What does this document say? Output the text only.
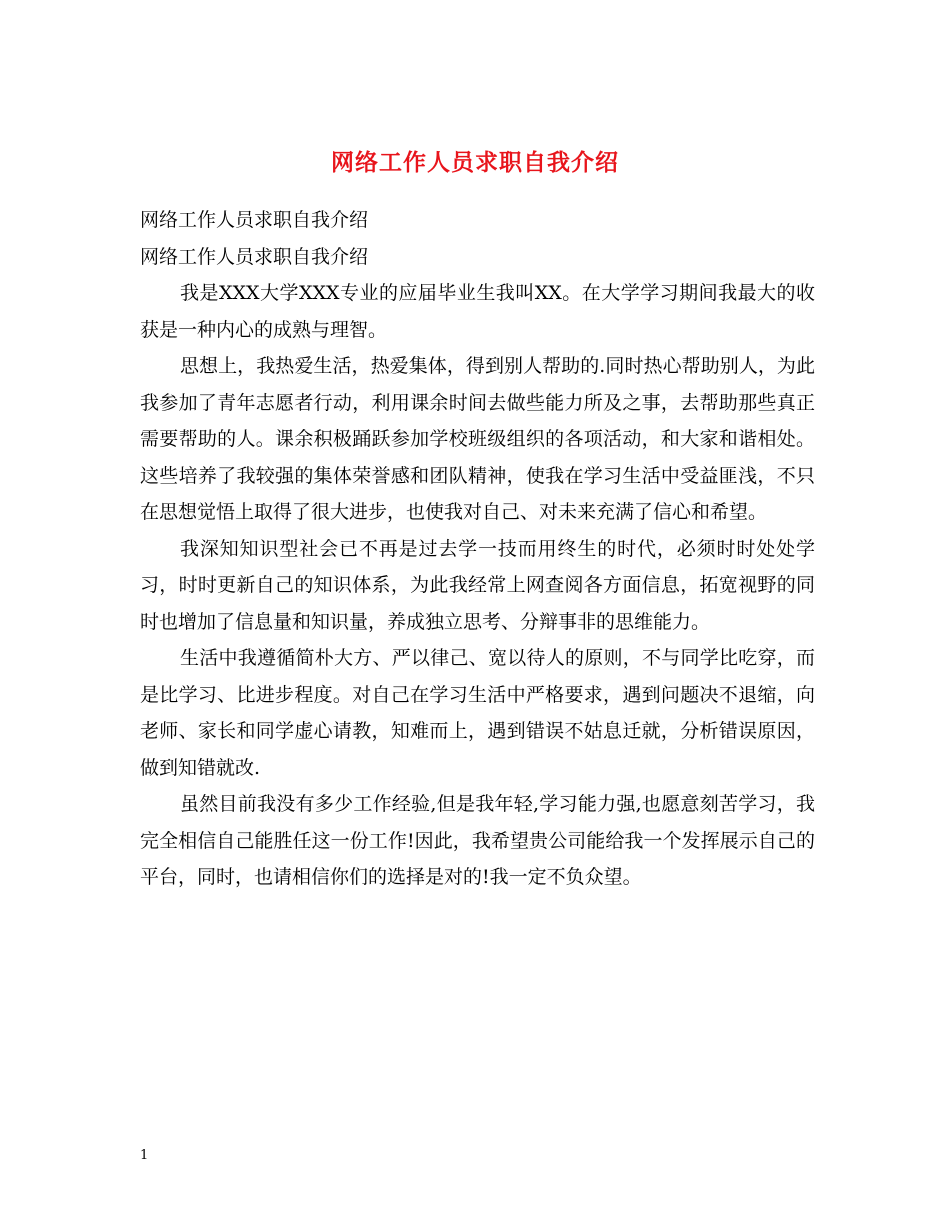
网络工作人员求职自我介绍

网络工作人员求职自我介绍

网络工作人员求职自我介绍

我是XXX大学XXX专业的应届毕业生我叫XX。在大学学习期间我最大的收获是一种内心的成熟与理智。

思想上，我热爱生活，热爱集体，得到别人帮助的.同时热心帮助别人，为此我参加了青年志愿者行动，利用课余时间去做些能力所及之事，去帮助那些真正需要帮助的人。课余积极踊跃参加学校班级组织的各项活动，和大家和谐相处。这些培养了我较强的集体荣誉感和团队精神，使我在学习生活中受益匪浅，不只在思想觉悟上取得了很大进步，也使我对自己、对未来充满了信心和希望。

我深知知识型社会已不再是过去学一技而用终生的时代，必须时时处处学习，时时更新自己的知识体系，为此我经常上网查阅各方面信息，拓宽视野的同时也增加了信息量和知识量，养成独立思考、分辩事非的思维能力。

生活中我遵循简朴大方、严以律己、宽以待人的原则，不与同学比吃穿，而是比学习、比进步程度。对自己在学习生活中严格要求，遇到问题决不退缩，向老师、家长和同学虚心请教，知难而上，遇到错误不姑息迁就，分析错误原因，做到知错就改.

虽然目前我没有多少工作经验,但是我年轻,学习能力强,也愿意刻苦学习，我完全相信自己能胜任这一份工作!因此，我希望贵公司能给我一个发挥展示自己的平台，同时，也请相信你们的选择是对的!我一定不负众望。

1
